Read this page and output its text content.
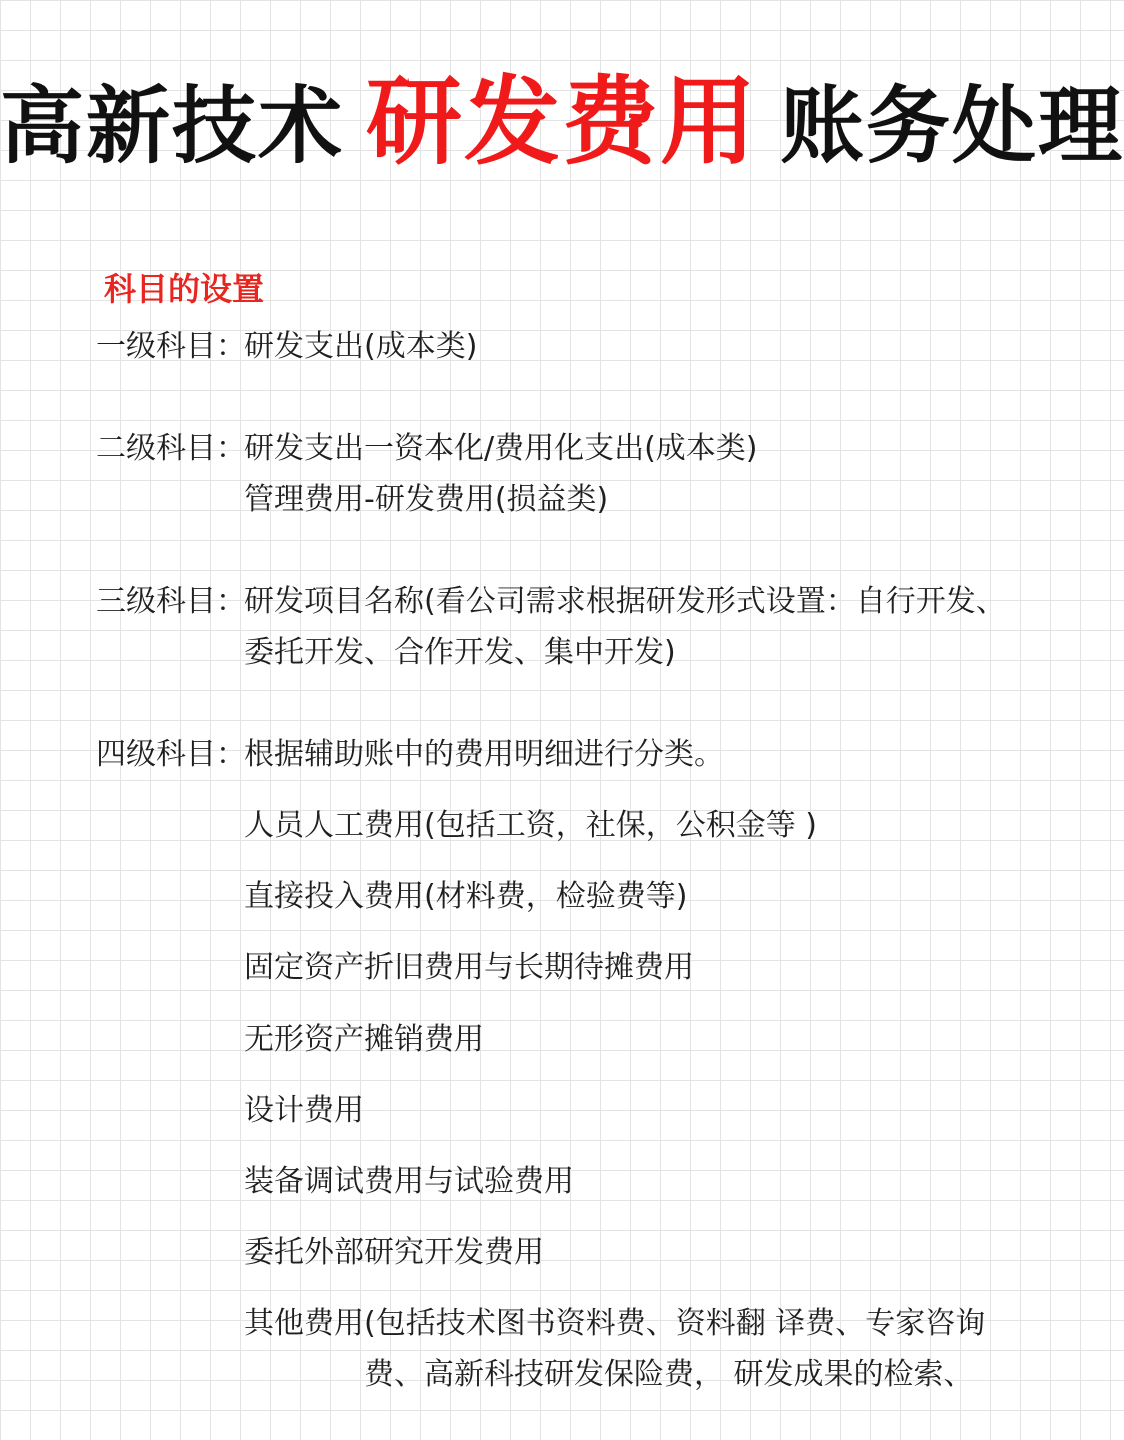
高新技术 研发费用 账务处理
科目的设置
一级科目：
研发支出(成本类)
二级科目：
研发支出一资本化/费用化支出(成本类)
管理费用-研发费用(损益类)
三级科目：
研发项目名称(看公司需求根据研发形式设置：自行开发、
委托开发、合作开发、集中开发)
四级科目：
根据辅助账中的费用明细进行分类。
人员人工费用(包括工资，社保，公积金等 )
直接投入费用(材料费，检验费等)
固定资产折旧费用与长期待摊费用
无形资产摊销费用
设计费用
装备调试费用与试验费用
委托外部研究开发费用
其他费用(包括技术图书资料费、资料翻 译费、专家咨询
费、高新科技研发保险费， 研发成果的检索、
